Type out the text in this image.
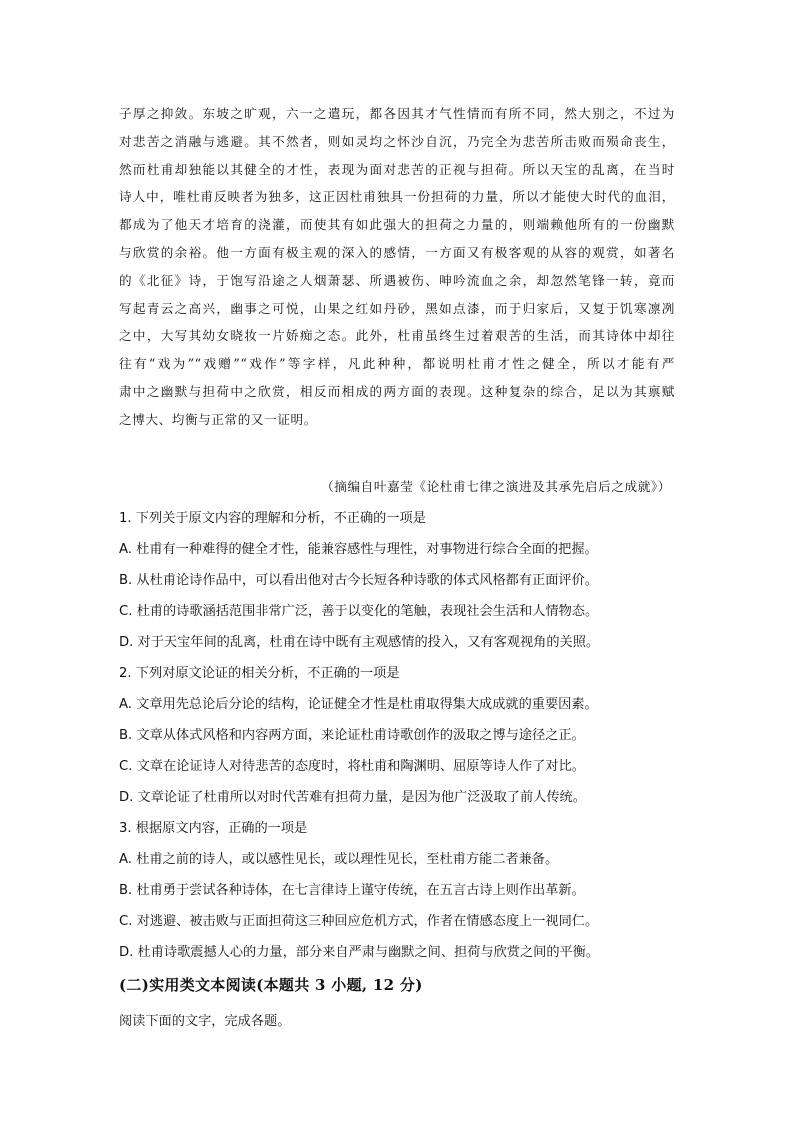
子厚之抑敛。东坡之旷观，六一之遣玩，都各因其才气性情而有所不同，然大别之，不过为
对悲苦之消融与逃避。其不然者，则如灵均之怀沙自沉，乃完全为悲苦所击败而殒命丧生，
然而杜甫却独能以其健全的才性，表现为面对悲苦的正视与担荷。所以天宝的乱离，在当时
诗人中，唯杜甫反映者为独多，这正因杜甫独具一份担荷的力量，所以才能使大时代的血泪，
都成为了他天才培育的浇灌，而使其有如此强大的担荷之力量的，则端赖他所有的一份幽默
与欣赏的余裕。他一方面有极主观的深入的感情，一方面又有极客观的从容的观赏，如著名
的《北征》诗，于饱写沿途之人烟萧瑟、所遇被伤、呻吟流血之余，却忽然笔锋一转，竟而
写起青云之高兴，幽事之可悦，山果之红如丹砂，黑如点漆，而于归家后，又复于饥寒凛冽
之中，大写其幼女晓妆一片娇痴之态。此外，杜甫虽终生过着艰苦的生活，而其诗体中却往
往有“戏为”“戏赠”“戏作”等字样，凡此种种，都说明杜甫才性之健全，所以才能有严
肃中之幽默与担荷中之欣赏，相反而相成的两方面的表现。这种复杂的综合，足以为其禀赋
之博大、均衡与正常的又一证明。
（摘编自叶嘉莹《论杜甫七律之演进及其承先启后之成就》）
1. 下列关于原文内容的理解和分析，不正确的一项是
A. 杜甫有一种难得的健全才性，能兼容感性与理性，对事物进行综合全面的把握。
B. 从杜甫论诗作品中，可以看出他对古今长短各种诗歌的体式风格都有正面评价。
C. 杜甫的诗歌涵括范围非常广泛，善于以变化的笔触，表现社会生活和人情物态。
D. 对于天宝年间的乱离，杜甫在诗中既有主观感情的投入，又有客观视角的关照。
2. 下列对原文论证的相关分析，不正确的一项是
A. 文章用先总论后分论的结构，论证健全才性是杜甫取得集大成成就的重要因素。
B. 文章从体式风格和内容两方面，来论证杜甫诗歌创作的汲取之博与途径之正。
C. 文章在论证诗人对待悲苦的态度时，将杜甫和陶渊明、屈原等诗人作了对比。
D. 文章论证了杜甫所以对时代苦难有担荷力量，是因为他广泛汲取了前人传统。
3. 根据原文内容，正确的一项是
A. 杜甫之前的诗人，或以感性见长，或以理性见长，至杜甫方能二者兼备。
B. 杜甫勇于尝试各种诗体，在七言律诗上谨守传统，在五言古诗上则作出革新。
C. 对逃避、被击败与正面担荷这三种回应危机方式，作者在情感态度上一视同仁。
D. 杜甫诗歌震撼人心的力量，部分来自严肃与幽默之间、担荷与欣赏之间的平衡。
(二)实用类文本阅读(本题共 3 小题, 12 分)
阅读下面的文字，完成各题。
